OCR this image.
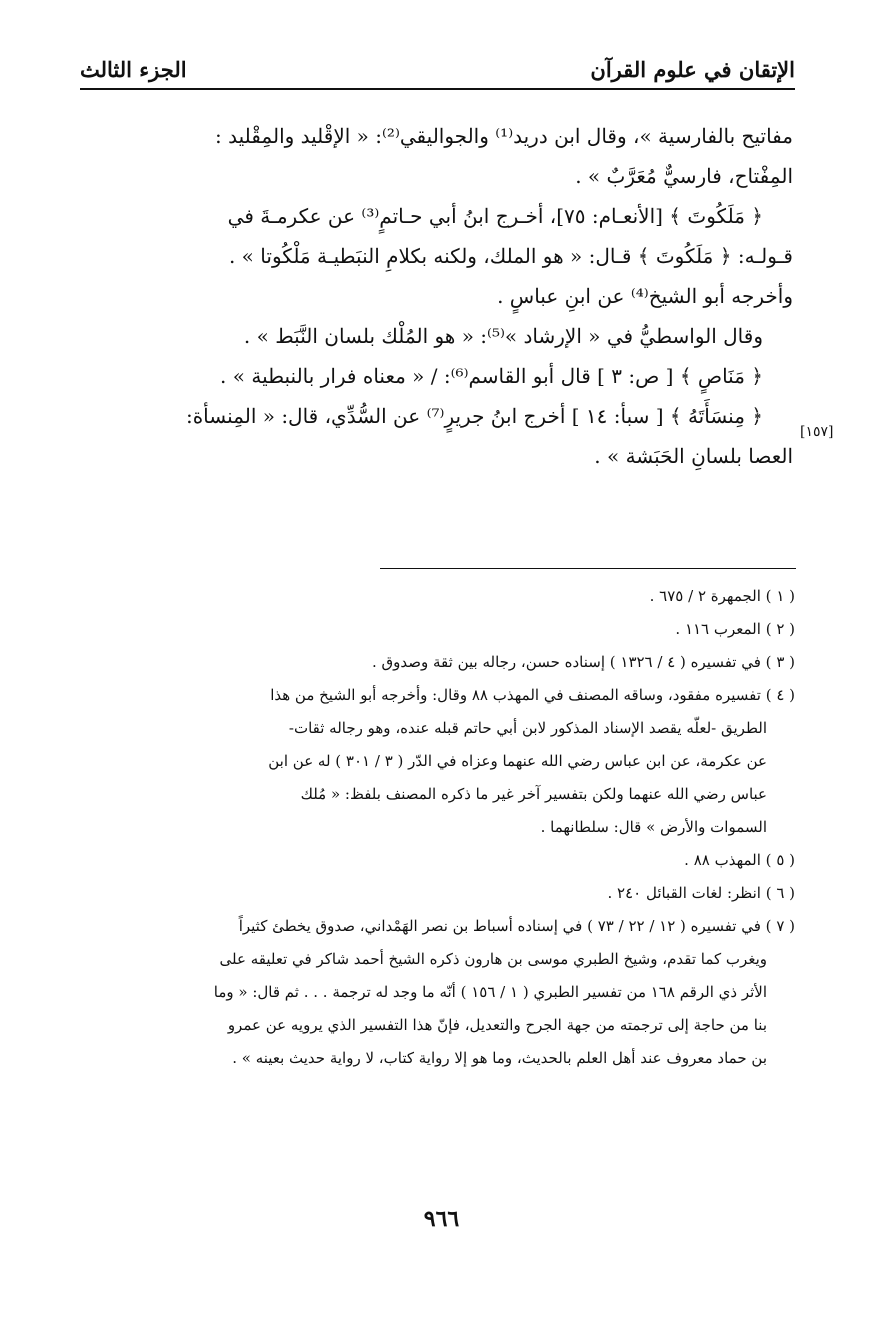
الإتقان في علوم القرآن
الجزء الثالث
[١٥٧]

مفاتيح بالفارسية »، وقال ابن دريد⁽¹⁾ والجواليقي⁽²⁾: « الإقْليد والمِقْليد :

المِفْتاح، فارسيٌّ مُعَرَّبٌ » .

﴿ مَلَكُوتَ ﴾ [الأنعـام: ٧٥]، أخـرج ابنُ أبي حـاتمٍ⁽³⁾ عن عكرمـةَ في

قـولـه: ﴿ مَلَكُوتَ ﴾ قـال: « هو الملك، ولكنه بكلامِ النبَطيـة مَلْكُوتا » .

وأخرجه أبو الشيخ⁽⁴⁾ عن ابنِ عباسٍ .

وقال الواسطيُّ في « الإرشاد »⁽⁵⁾: « هو المُلْك بلسان النَّبَط » .

﴿ مَنَاصٍ ﴾ [ ص: ٣ ] قال أبو القاسم⁽⁶⁾: / « معناه فرار بالنبطية » .

﴿ مِنسَأَتَهُ ﴾ [ سبأ: ١٤ ] أخرج ابنُ جريرٍ⁽⁷⁾ عن السُّدِّي، قال: « المِنسأة:

العصا بلسانِ الحَبَشة » .

( ١ ) الجمهرة ٢ / ٦٧٥ .

( ٢ ) المعرب ١١٦ .

( ٣ ) في تفسيره ( ٤ / ١٣٢٦ ) إسناده حسن، رجاله بين ثقة وصدوق .

( ٤ ) تفسيره مفقود، وساقه المصنف في المهذب ٨٨ وقال: وأخرجه أبو الشيخ من هذا

الطريق -لعلّه يقصد الإسناد المذكور لابن أبي حاتم قبله عنده، وهو رجاله ثقات-

عن عكرمة، عن ابن عباس رضي الله عنهما وعزاه في الدّر ( ٣ / ٣٠١ ) له عن ابن

عباس رضي الله عنهما ولكن بتفسير آخر غير ما ذكره المصنف بلفظ: « مُلك

السموات والأرض » قال: سلطانهما .

( ٥ ) المهذب ٨٨ .

( ٦ ) انظر: لغات القبائل ٢٤٠ .

( ٧ ) في تفسيره ( ١٢ / ٢٢ / ٧٣ ) في إسناده أسباط بن نصر الهَمْداني، صدوق يخطئ كثيراً

ويغرب كما تقدم، وشيخ الطبري موسى بن هارون ذكره الشيخ أحمد شاكر في تعليقه على

الأثر ذي الرقم ١٦٨ من تفسير الطبري ( ١ / ١٥٦ ) أنّه ما وجد له ترجمة . . . ثم قال: « وما

بنا من حاجة إلى ترجمته من جهة الجرح والتعديل، فإنّ هذا التفسير الذي يرويه عن عمرو

بن حماد معروف عند أهل العلم بالحديث، وما هو إلا رواية كتاب، لا رواية حديث بعينه » .

٩٦٦
